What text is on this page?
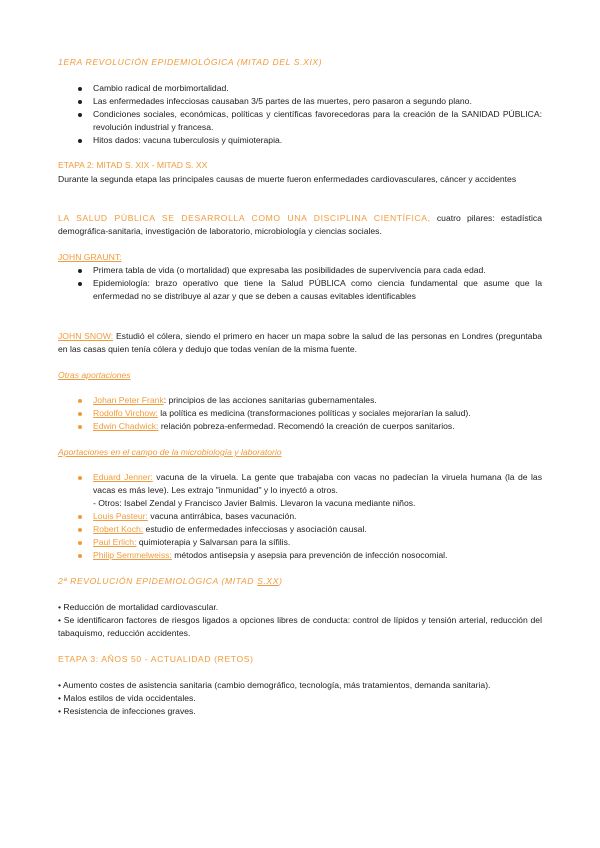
1ERA REVOLUCIÓN EPIDEMIOLÓGICA (MITAD DEL S.XIX)

Cambio radical de morbimortalidad.
Las enfermedades infecciosas causaban 3/5 partes de las muertes, pero pasaron a segundo plano.
Condiciones sociales, económicas, políticas y científicas favorecedoras para la creación de la SANIDAD PÚBLICA: revolución industrial y francesa.
Hitos dados: vacuna tuberculosis y quimioterapia.

ETAPA 2: MITAD S. XIX - MITAD S. XX

Durante la segunda etapa las principales causas de muerte fueron enfermedades cardiovasculares, cáncer y accidentes

LA SALUD PÚBLICA SE DESARROLLA COMO UNA DISCIPLINA CIENTÍFICA, cuatro pilares: estadística demográfica-sanitaria, investigación de laboratorio, microbiología y ciencias sociales.

JOHN GRAUNT:

Primera tabla de vida (o mortalidad) que expresaba las posibilidades de supervivencia para cada edad.
Epidemiología: brazo operativo que tiene la Salud PÚBLICA como ciencia fundamental que asume que la enfermedad no se distribuye al azar y que se deben a causas evitables identificables

JOHN SNOW: Estudió el cólera, siendo el primero en hacer un mapa sobre la salud de las personas en Londres (preguntaba en las casas quien tenía cólera y dedujo que todas venían de la misma fuente.

Otras aportaciones

Johan Peter Frank: principios de las acciones sanitarias gubernamentales.
Rodolfo Virchow: la política es medicina (transformaciones políticas y sociales mejorarían la salud).
Edwin Chadwick: relación pobreza-enfermedad. Recomendó la creación de cuerpos sanitarios.

Aportaciones en el campo de la microbiología y laboratorio

Eduard Jenner: vacuna de la viruela. La gente que trabajaba con vacas no padecían la viruela humana (la de las vacas es más leve). Les extrajo "inmunidad" y lo inyectó a otros.
- Otros: Isabel Zendal y Francisco Javier Balmis. Llevaron la vacuna mediante niños.
Louis Pasteur: vacuna antirrábica, bases vacunación.
Robert Koch: estudio de enfermedades infecciosas y asociación causal.
Paul Erlich: quimioterapia y Salvarsan para la sífilis.
Philip Semmelweiss: métodos antisepsia y asepsia para prevención de infección nosocomial.

2ª REVOLUCIÓN EPIDEMIOLÓGICA (MITAD S.XX)

• Reducción de mortalidad cardiovascular.

• Se identificaron factores de riesgos ligados a opciones libres de conducta: control de lípidos y tensión arterial, reducción del tabaquismo, reducción accidentes.

ETAPA 3: AÑOS 50 - ACTUALIDAD (RETOS)

• Aumento costes de asistencia sanitaria (cambio demográfico, tecnología, más tratamientos, demanda sanitaria).

• Malos estilos de vida occidentales.

• Resistencia de infecciones graves.
